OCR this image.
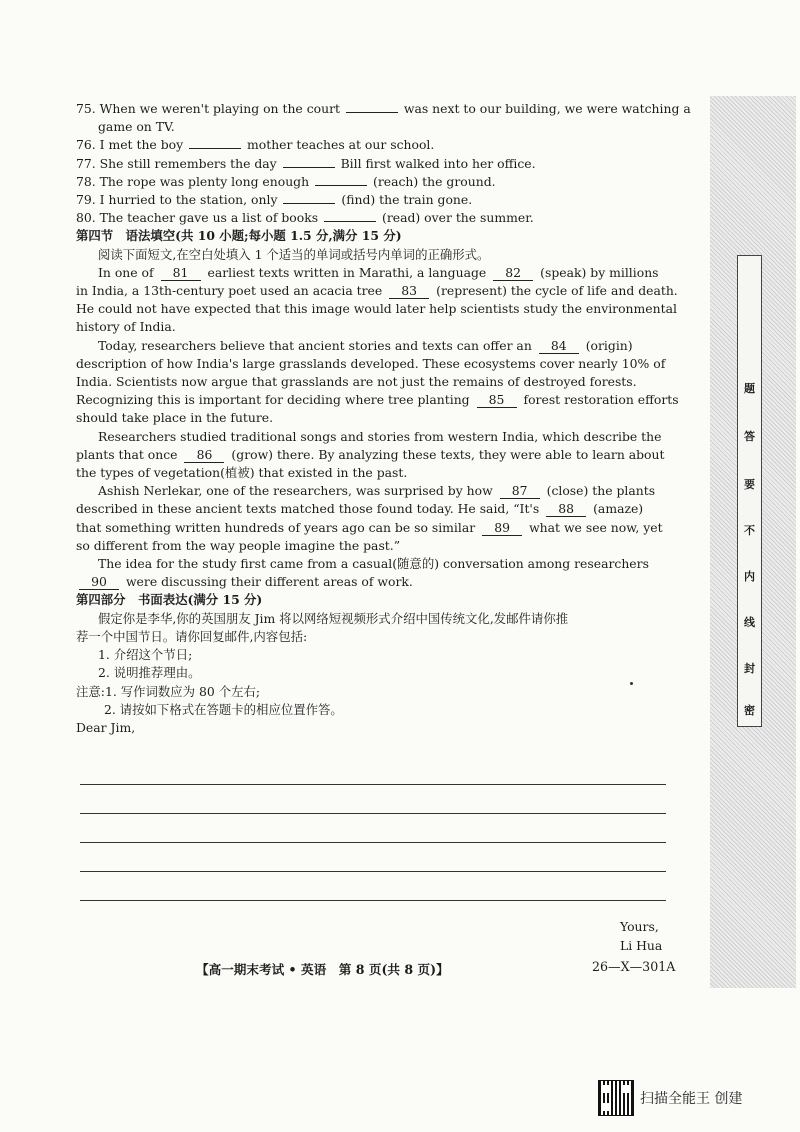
题
答
要
不
内
线
封
密
75. When we weren't playing on the court	was next to our building, we were watching a
game on TV.
76. I met the boy	mother teaches at our school.
77. She still remembers the day	Bill first walked into her office.
78. The rope was plenty long enough	(reach) the ground.
79. I hurried to the station, only	(find) the train gone.
80. The teacher gave us a list of books	(read) over the summer.
第四节　语法填空(共 10 小题;每小题 1.5 分,满分 15 分)
阅读下面短文,在空白处填入 1 个适当的单词或括号内单词的正确形式。
In one of 81 earliest texts written in Marathi, a language 82 (speak) by millions
in India, a 13th-century poet used an acacia tree 83 (represent) the cycle of life and death.
He could not have expected that this image would later help scientists study the environmental
history of India.
Today, researchers believe that ancient stories and texts can offer an 84 (origin)
description of how India's large grasslands developed. These ecosystems cover nearly 10% of
India. Scientists now argue that grasslands are not just the remains of destroyed forests.
Recognizing this is important for deciding where tree planting 85 forest restoration efforts
should take place in the future.
Researchers studied traditional songs and stories from western India, which describe the
plants that once 86 (grow) there. By analyzing these texts, they were able to learn about
the types of vegetation(植被) that existed in the past.
Ashish Nerlekar, one of the researchers, was surprised by how 87 (close) the plants
described in these ancient texts matched those found today. He said, “It's 88 (amaze)
that something written hundreds of years ago can be so similar 89 what we see now, yet
so different from the way people imagine the past.”
The idea for the study first came from a casual(随意的) conversation among researchers
90 were discussing their different areas of work.
第四部分　书面表达(满分 15 分)
假定你是李华,你的英国朋友 Jim 将以网络短视频形式介绍中国传统文化,发邮件请你推
荐一个中国节日。请你回复邮件,内容包括:
1. 介绍这个节日;
2. 说明推荐理由。
注意:1. 写作词数应为 80 个左右;
2. 请按如下格式在答题卡的相应位置作答。
Dear Jim,
Yours,
Li Hua
【高一期末考试 • 英语　第 8 页(共 8 页)】	26—X—301A
扫描全能王 创建
